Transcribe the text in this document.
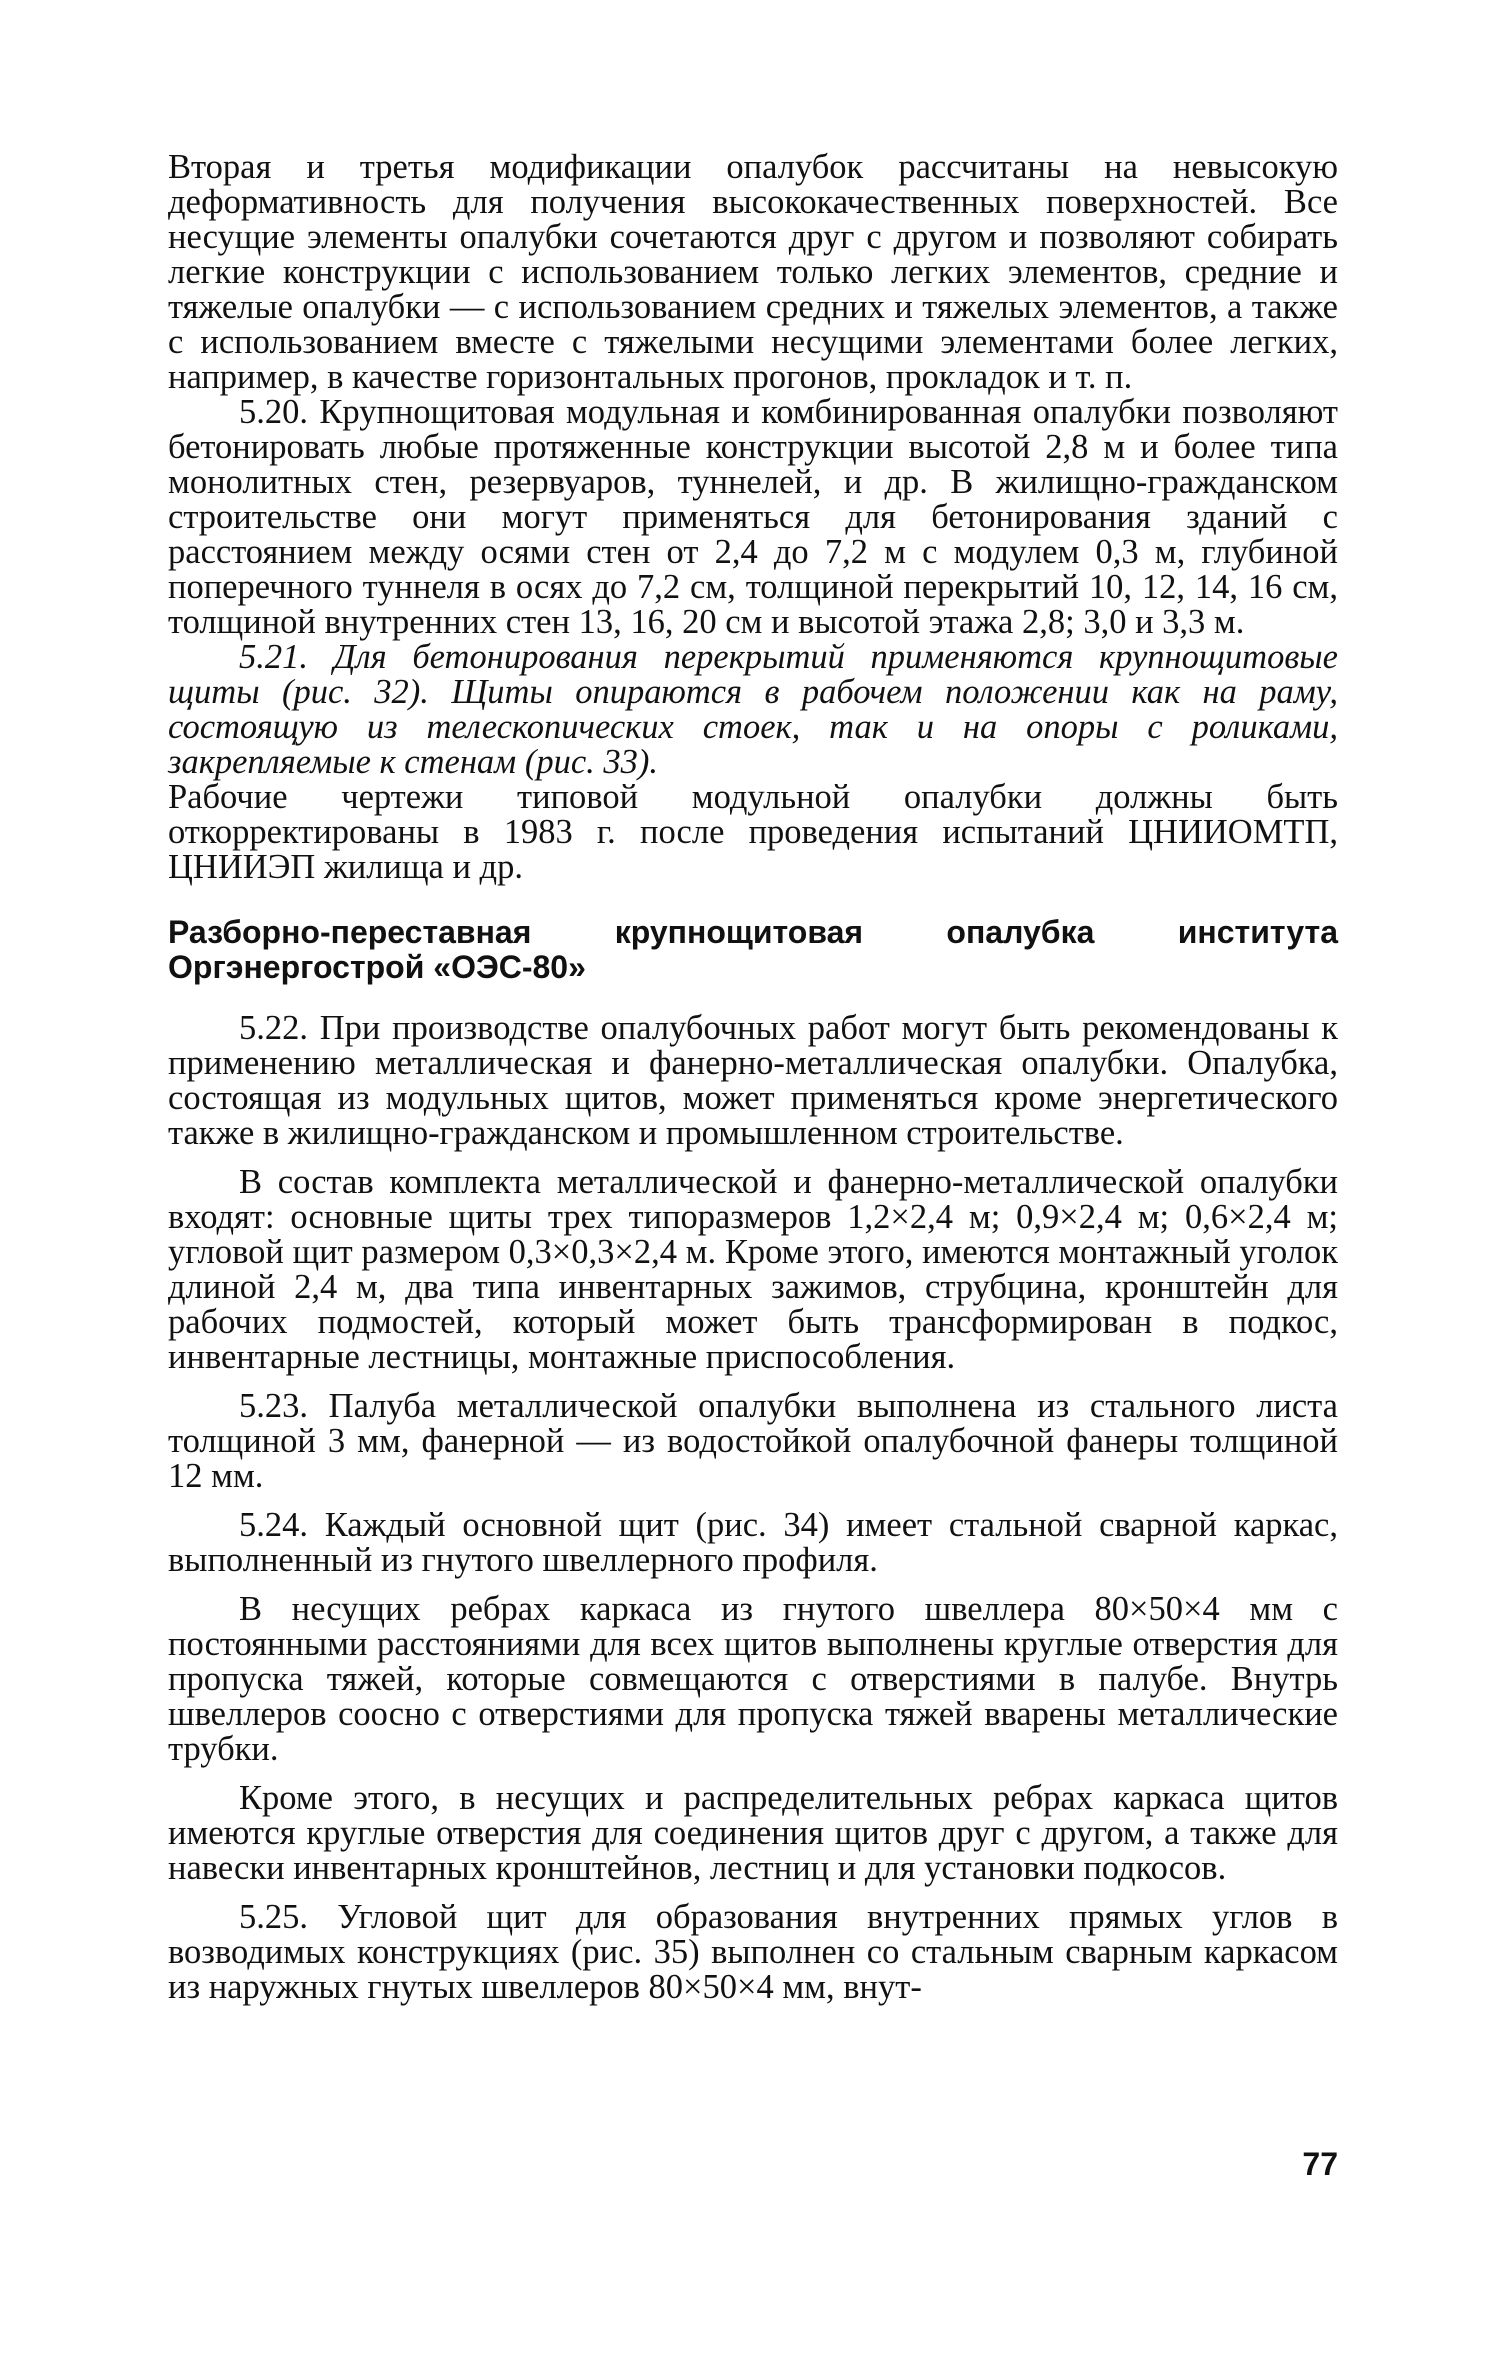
Вторая и третья модификации опалубок рассчитаны на невысокую деформативность для получения высококачественных поверхностей. Все несущие элементы опалубки сочетаются друг с другом и позволяют собирать легкие конструкции с использованием только легких элементов, средние и тяжелые опалубки — с использованием средних и тяжелых элементов, а также с использованием вместе с тяжелыми несущими элементами более легких, например, в качестве горизонтальных прогонов, прокладок и т. п.

5.20. Крупнощитовая модульная и комбинированная опалубки позволяют бетонировать любые протяженные конструкции высотой 2,8 м и более типа монолитных стен, резервуаров, туннелей, и др. В жилищно-гражданском строительстве они могут применяться для бетонирования зданий с расстоянием между осями стен от 2,4 до 7,2 м с модулем 0,3 м, глубиной поперечного туннеля в осях до 7,2 см, толщиной перекрытий 10, 12, 14, 16 см, толщиной внутренних стен 13, 16, 20 см и высотой этажа 2,8; 3,0 и 3,3 м.

5.21. Для бетонирования перекрытий применяются крупнощитовые щиты (рис. 32). Щиты опираются в рабочем положении как на раму, состоящую из телескопических стоек, так и на опоры с роликами, закрепляемые к стенам (рис. 33).

Рабочие чертежи типовой модульной опалубки должны быть откорректированы в 1983 г. после проведения испытаний ЦНИИОМТП, ЦНИИЭП жилища и др.

Разборно-переставная крупнощитовая опалубка института Оргэнергострой «ОЭС-80»

5.22. При производстве опалубочных работ могут быть рекомендованы к применению металлическая и фанерно-металлическая опалубки. Опалубка, состоящая из модульных щитов, может применяться кроме энергетического также в жилищно-гражданском и промышленном строительстве.

В состав комплекта металлической и фанерно-металлической опалубки входят: основные щиты трех типоразмеров 1,2×2,4 м; 0,9×2,4 м; 0,6×2,4 м; угловой щит размером 0,3×0,3×2,4 м. Кроме этого, имеются монтажный уголок длиной 2,4 м, два типа инвентарных зажимов, струбцина, кронштейн для рабочих подмостей, который может быть трансформирован в подкос, инвентарные лестницы, монтажные приспособления.

5.23. Палуба металлической опалубки выполнена из стального листа толщиной 3 мм, фанерной — из водостойкой опалубочной фанеры толщиной 12 мм.

5.24. Каждый основной щит (рис. 34) имеет стальной сварной каркас, выполненный из гнутого швеллерного профиля.

В несущих ребрах каркаса из гнутого швеллера 80×50×4 мм с постоянными расстояниями для всех щитов выполнены круглые отверстия для пропуска тяжей, которые совмещаются с отверстиями в палубе. Внутрь швеллеров соосно с отверстиями для пропуска тяжей вварены металлические трубки.

Кроме этого, в несущих и распределительных ребрах каркаса щитов имеются круглые отверстия для соединения щитов друг с другом, а также для навески инвентарных кронштейнов, лестниц и для установки подкосов.

5.25. Угловой щит для образования внутренних прямых углов в возводимых конструкциях (рис. 35) выполнен со стальным сварным каркасом из наружных гнутых швеллеров 80×50×4 мм, внут-

77
